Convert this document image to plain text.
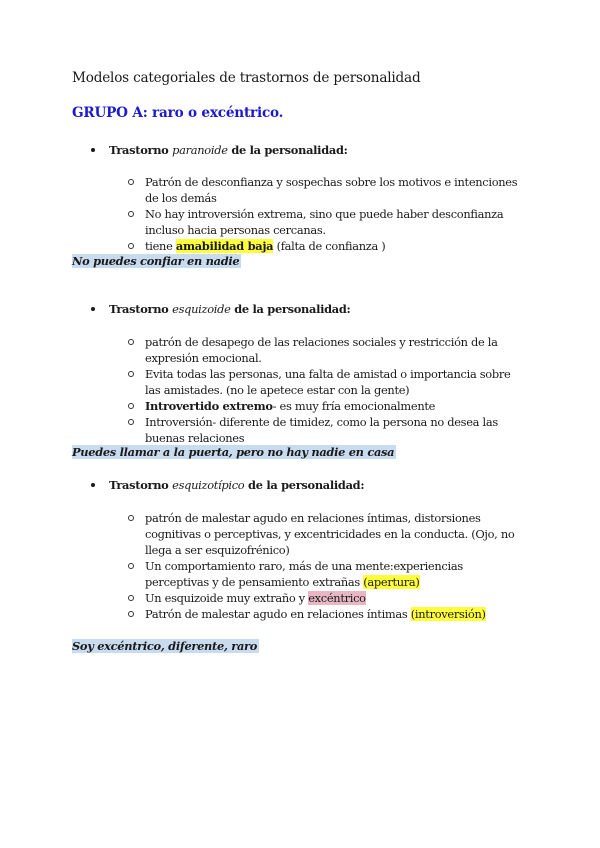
Modelos categoriales de trastornos de personalidad
GRUPO A: raro o excéntrico.
Trastorno paranoide de la personalidad:
Patrón de desconfianza y sospechas sobre los motivos e intenciones de los demás
No hay introversión extrema, sino que puede haber desconfianza incluso hacia personas cercanas.
tiene amabilidad baja (falta de confianza )
No puedes confiar en nadie
Trastorno esquizoide de la personalidad:
patrón de desapego de las relaciones sociales y restricción de la expresión emocional.
Evita todas las personas, una falta de amistad o importancia sobre las amistades. (no le apetece estar con la gente)
Introvertido extremo- es muy fría emocionalmente
Introversión- diferente de timidez, como la persona no desea las buenas relaciones
Puedes llamar a la puerta, pero no hay nadie en casa
Trastorno esquizotípico de la personalidad:
patrón de malestar agudo en relaciones íntimas, distorsiones cognitivas o perceptivas, y excentricidades en la conducta. (Ojo, no llega a ser esquizofrénico)
Un comportamiento raro, más de una mente:experiencias perceptivas y de pensamiento extrañas (apertura)
Un esquizoide muy extraño y excéntrico
Patrón de malestar agudo en relaciones íntimas (introversión)
Soy excéntrico, diferente, raro
